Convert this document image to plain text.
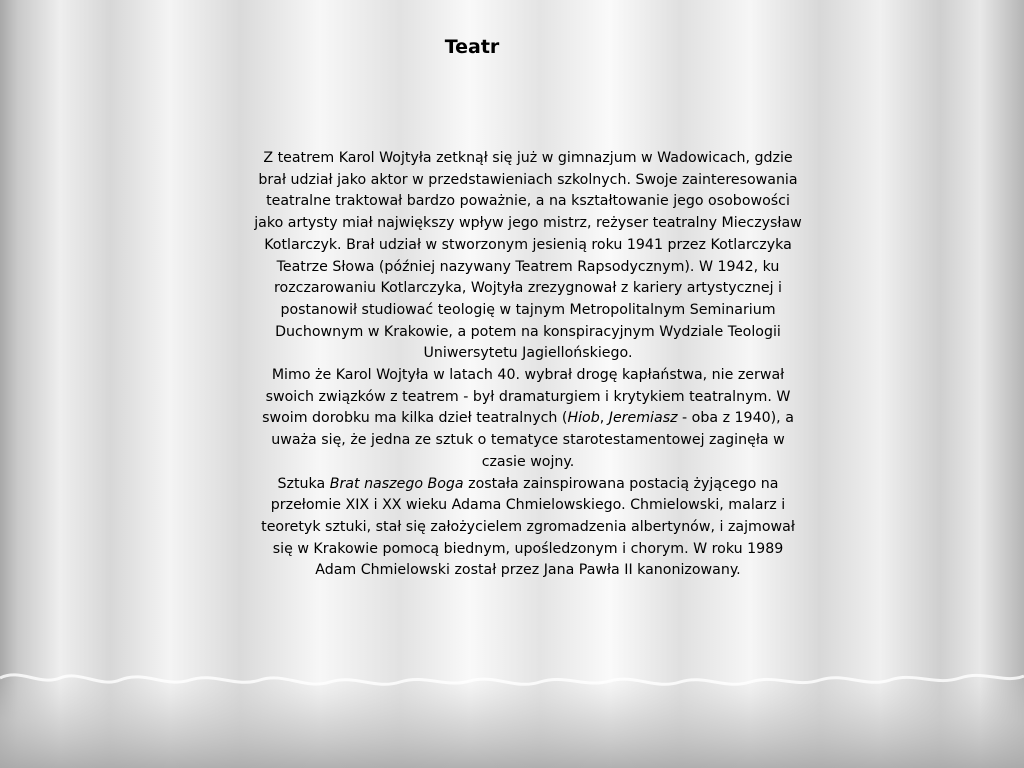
Teatr

Z teatrem Karol Wojtyła zetknął się już w gimnazjum w Wadowicach, gdzie brał udział jako aktor w przedstawieniach szkolnych. Swoje zainteresowania teatralne traktował bardzo poważnie, a na kształtowanie jego osobowości jako artysty miał największy wpływ jego mistrz, reżyser teatralny Mieczysław Kotlarczyk. Brał udział w stworzonym jesienią roku 1941 przez Kotlarczyka Teatrze Słowa (później nazywany Teatrem Rapsodycznym). W 1942, ku rozczarowaniu Kotlarczyka, Wojtyła zrezygnował z kariery artystycznej i postanowił studiować teologię w tajnym Metropolitalnym Seminarium Duchownym w Krakowie, a potem na konspiracyjnym Wydziale Teologii Uniwersytetu Jagiellońskiego.

Mimo że Karol Wojtyła w latach 40. wybrał drogę kapłaństwa, nie zerwał swoich związków z teatrem - był dramaturgiem i krytykiem teatralnym. W swoim dorobku ma kilka dzieł teatralnych (Hiob, Jeremiasz - oba z 1940), a uważa się, że jedna ze sztuk o tematyce starotestamentowej zaginęła w czasie wojny.

Sztuka Brat naszego Boga została zainspirowana postacią żyjącego na przełomie XIX i XX wieku Adama Chmielowskiego. Chmielowski, malarz i teoretyk sztuki, stał się założycielem zgromadzenia albertynów, i zajmował się w Krakowie pomocą biednym, upośledzonym i chorym. W roku 1989 Adam Chmielowski został przez Jana Pawła II kanonizowany.
